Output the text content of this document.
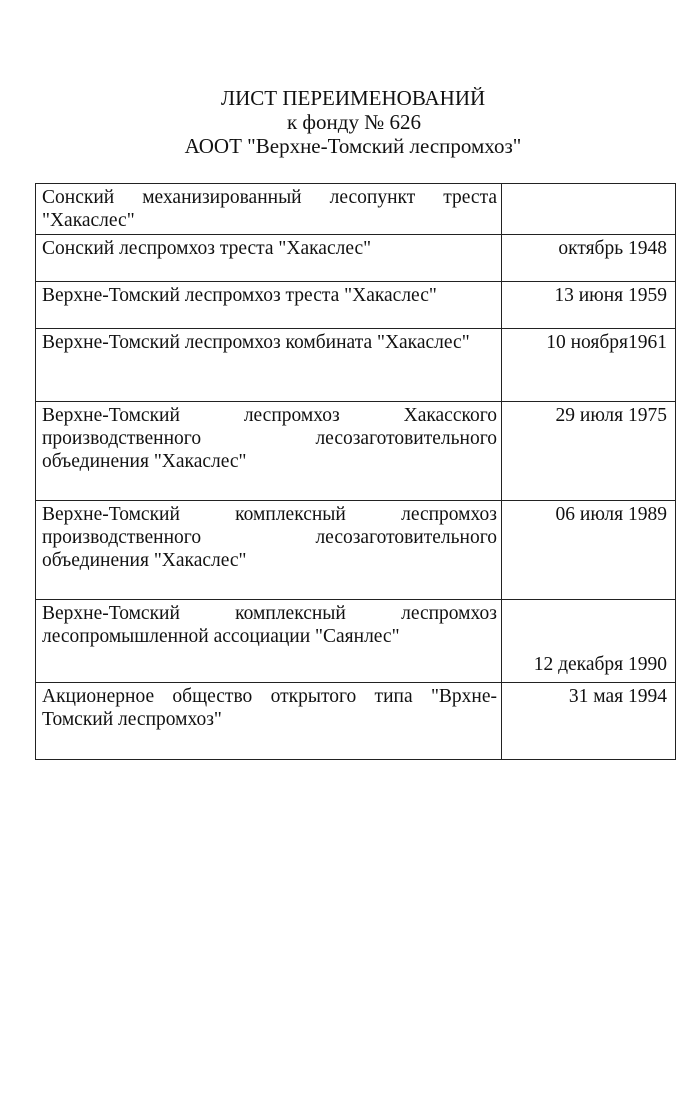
ЛИСТ ПЕРЕИМЕНОВАНИЙ
к фонду № 626
АООТ "Верхне-Томский леспромхоз"
Сонский механизированный лесопункт треста "Хакаслес"	
Сонский леспромхоз треста "Хакаслес"	октябрь 1948
Верхне-Томский леспромхоз треста "Хакаслес"	13 июня 1959
Верхне-Томский леспромхоз комбината "Хакаслес"	10 ноября1961
Верхне-Томский леспромхоз Хакасского производственного лесозаготовительного объединения "Хакаслес"	29 июля 1975
Верхне-Томский комплексный леспромхоз производственного лесозаготовительного объединения "Хакаслес"	06 июля 1989
Верхне-Томский комплексный леспромхоз лесопромышленной ассоциации "Саянлес"	12 декабря 1990
Акционерное общество открытого типа "Врхне-Томский леспромхоз"	31 мая 1994
